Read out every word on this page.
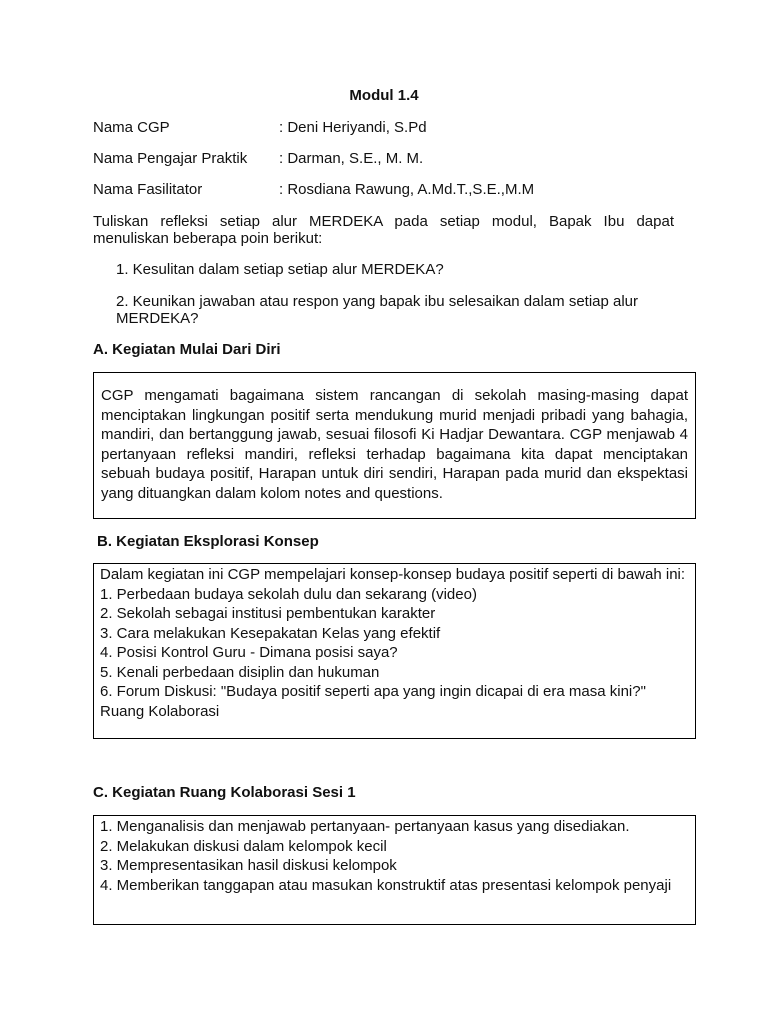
Modul 1.4
Nama CGP	: Deni Heriyandi, S.Pd
Nama Pengajar Praktik : Darman, S.E., M. M.
Nama Fasilitator	: Rosdiana Rawung, A.Md.T.,S.E.,M.M
Tuliskan refleksi setiap alur MERDEKA pada setiap modul, Bapak Ibu dapat menuliskan beberapa poin berikut:
1. Kesulitan dalam setiap setiap alur MERDEKA?
2. Keunikan jawaban atau respon yang bapak ibu selesaikan dalam setiap alur MERDEKA?
A. Kegiatan Mulai Dari Diri
CGP mengamati bagaimana sistem rancangan di sekolah masing-masing dapat menciptakan lingkungan positif serta mendukung murid menjadi pribadi yang bahagia, mandiri, dan bertanggung jawab, sesuai filosofi Ki Hadjar Dewantara. CGP menjawab 4 pertanyaan refleksi mandiri, refleksi terhadap bagaimana kita dapat menciptakan sebuah budaya positif, Harapan untuk diri sendiri, Harapan pada murid dan ekspektasi yang dituangkan dalam kolom notes and questions.
B. Kegiatan Eksplorasi Konsep
Dalam kegiatan ini CGP mempelajari konsep-konsep budaya positif seperti di bawah ini:
1. Perbedaan budaya sekolah dulu dan sekarang (video)
2. Sekolah sebagai institusi pembentukan karakter
3. Cara melakukan Kesepakatan Kelas yang efektif
4. Posisi Kontrol Guru - Dimana posisi saya?
5. Kenali perbedaan disiplin dan hukuman
6. Forum Diskusi: "Budaya positif seperti apa yang ingin dicapai di era masa kini?"
Ruang Kolaborasi
C. Kegiatan Ruang Kolaborasi Sesi 1
1. Menganalisis dan menjawab pertanyaan- pertanyaan kasus yang disediakan.
2. Melakukan diskusi dalam kelompok kecil
3. Mempresentasikan hasil diskusi kelompok
4. Memberikan tanggapan atau masukan konstruktif atas presentasi kelompok penyaji
